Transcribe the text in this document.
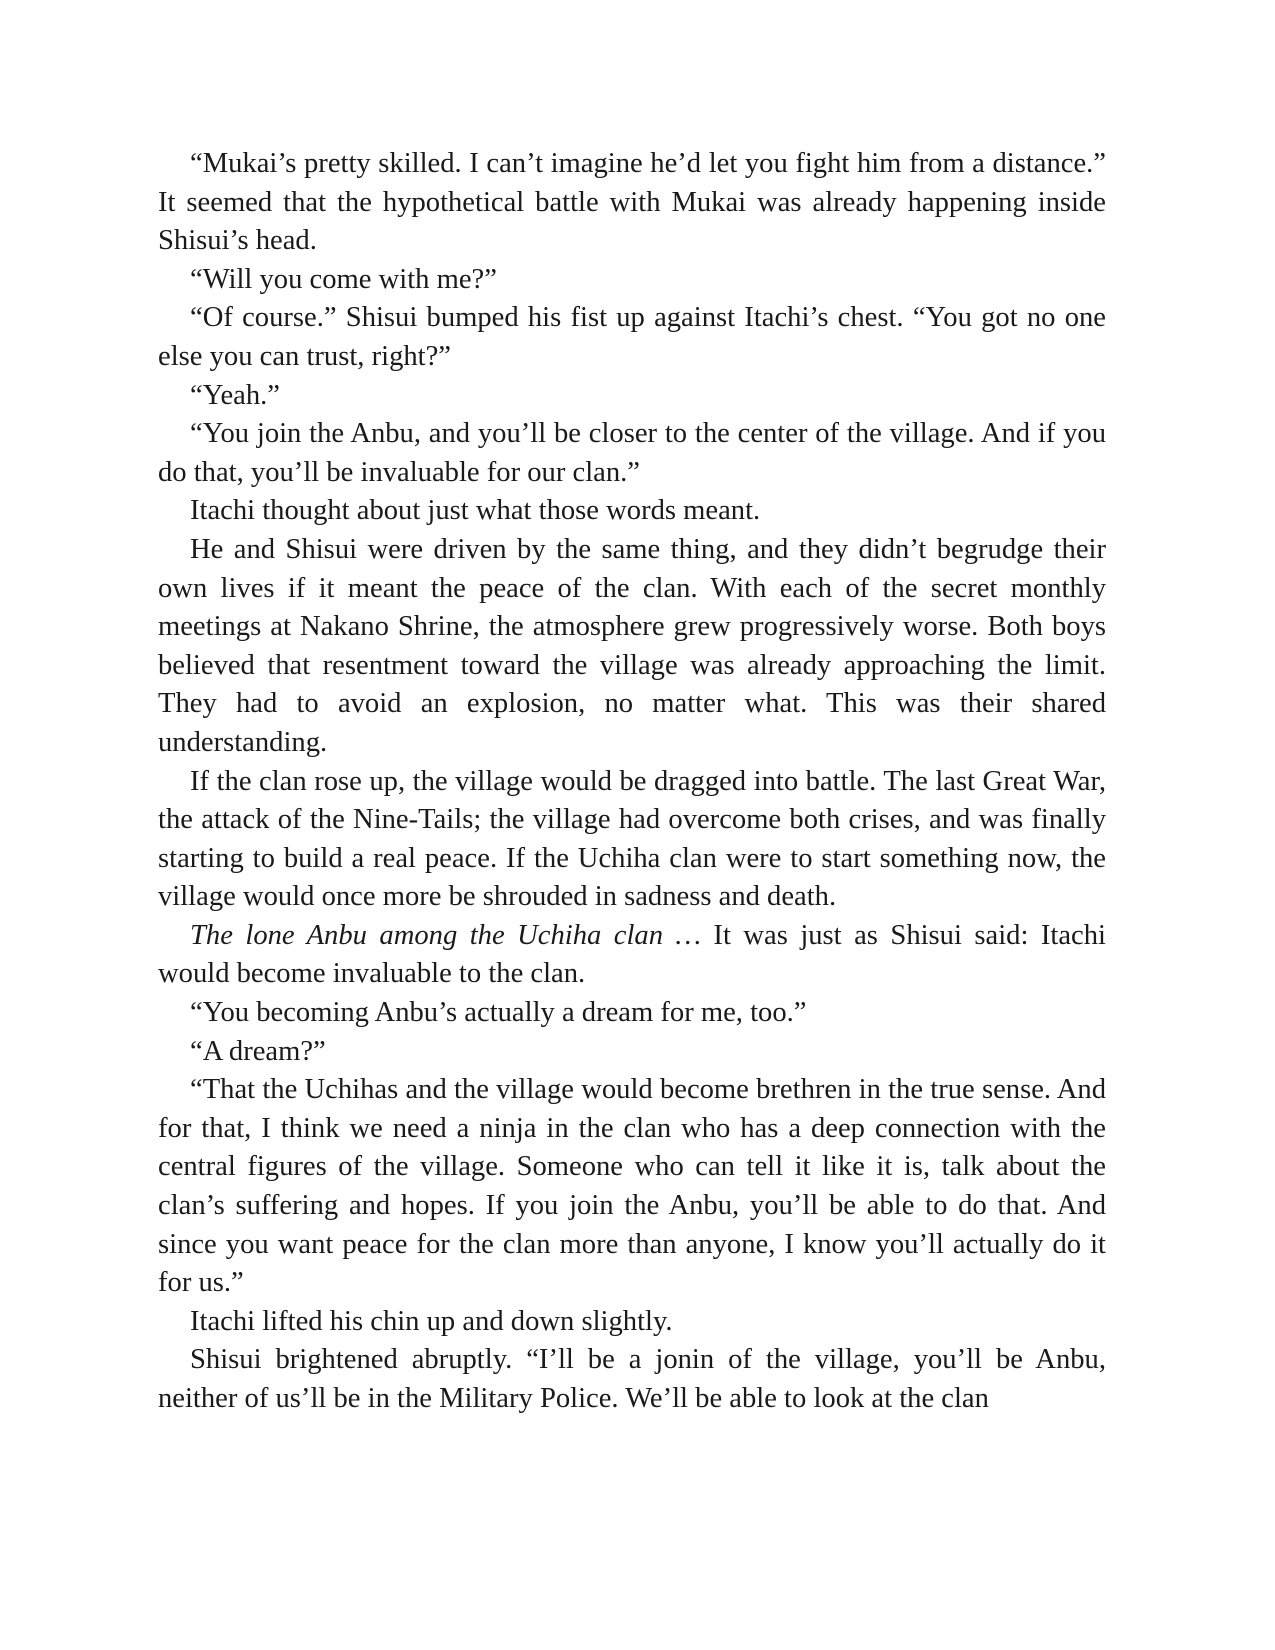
“Mukai’s pretty skilled. I can’t imagine he’d let you fight him from a distance.” It seemed that the hypothetical battle with Mukai was already happening inside Shisui’s head.

“Will you come with me?”

“Of course.” Shisui bumped his fist up against Itachi’s chest. “You got no one else you can trust, right?”

“Yeah.”

“You join the Anbu, and you’ll be closer to the center of the village. And if you do that, you’ll be invaluable for our clan.”

Itachi thought about just what those words meant.

He and Shisui were driven by the same thing, and they didn’t begrudge their own lives if it meant the peace of the clan. With each of the secret monthly meetings at Nakano Shrine, the atmosphere grew progressively worse. Both boys believed that resentment toward the village was already approaching the limit. They had to avoid an explosion, no matter what. This was their shared understanding.

If the clan rose up, the village would be dragged into battle. The last Great War, the attack of the Nine-Tails; the village had overcome both crises, and was finally starting to build a real peace. If the Uchiha clan were to start something now, the village would once more be shrouded in sadness and death.

The lone Anbu among the Uchiha clan … It was just as Shisui said: Itachi would become invaluable to the clan.

“You becoming Anbu’s actually a dream for me, too.”

“A dream?”

“That the Uchihas and the village would become brethren in the true sense. And for that, I think we need a ninja in the clan who has a deep connection with the central figures of the village. Someone who can tell it like it is, talk about the clan’s suffering and hopes. If you join the Anbu, you’ll be able to do that. And since you want peace for the clan more than anyone, I know you’ll actually do it for us.”

Itachi lifted his chin up and down slightly.

Shisui brightened abruptly. “I’ll be a jonin of the village, you’ll be Anbu, neither of us’ll be in the Military Police. We’ll be able to look at the clan
